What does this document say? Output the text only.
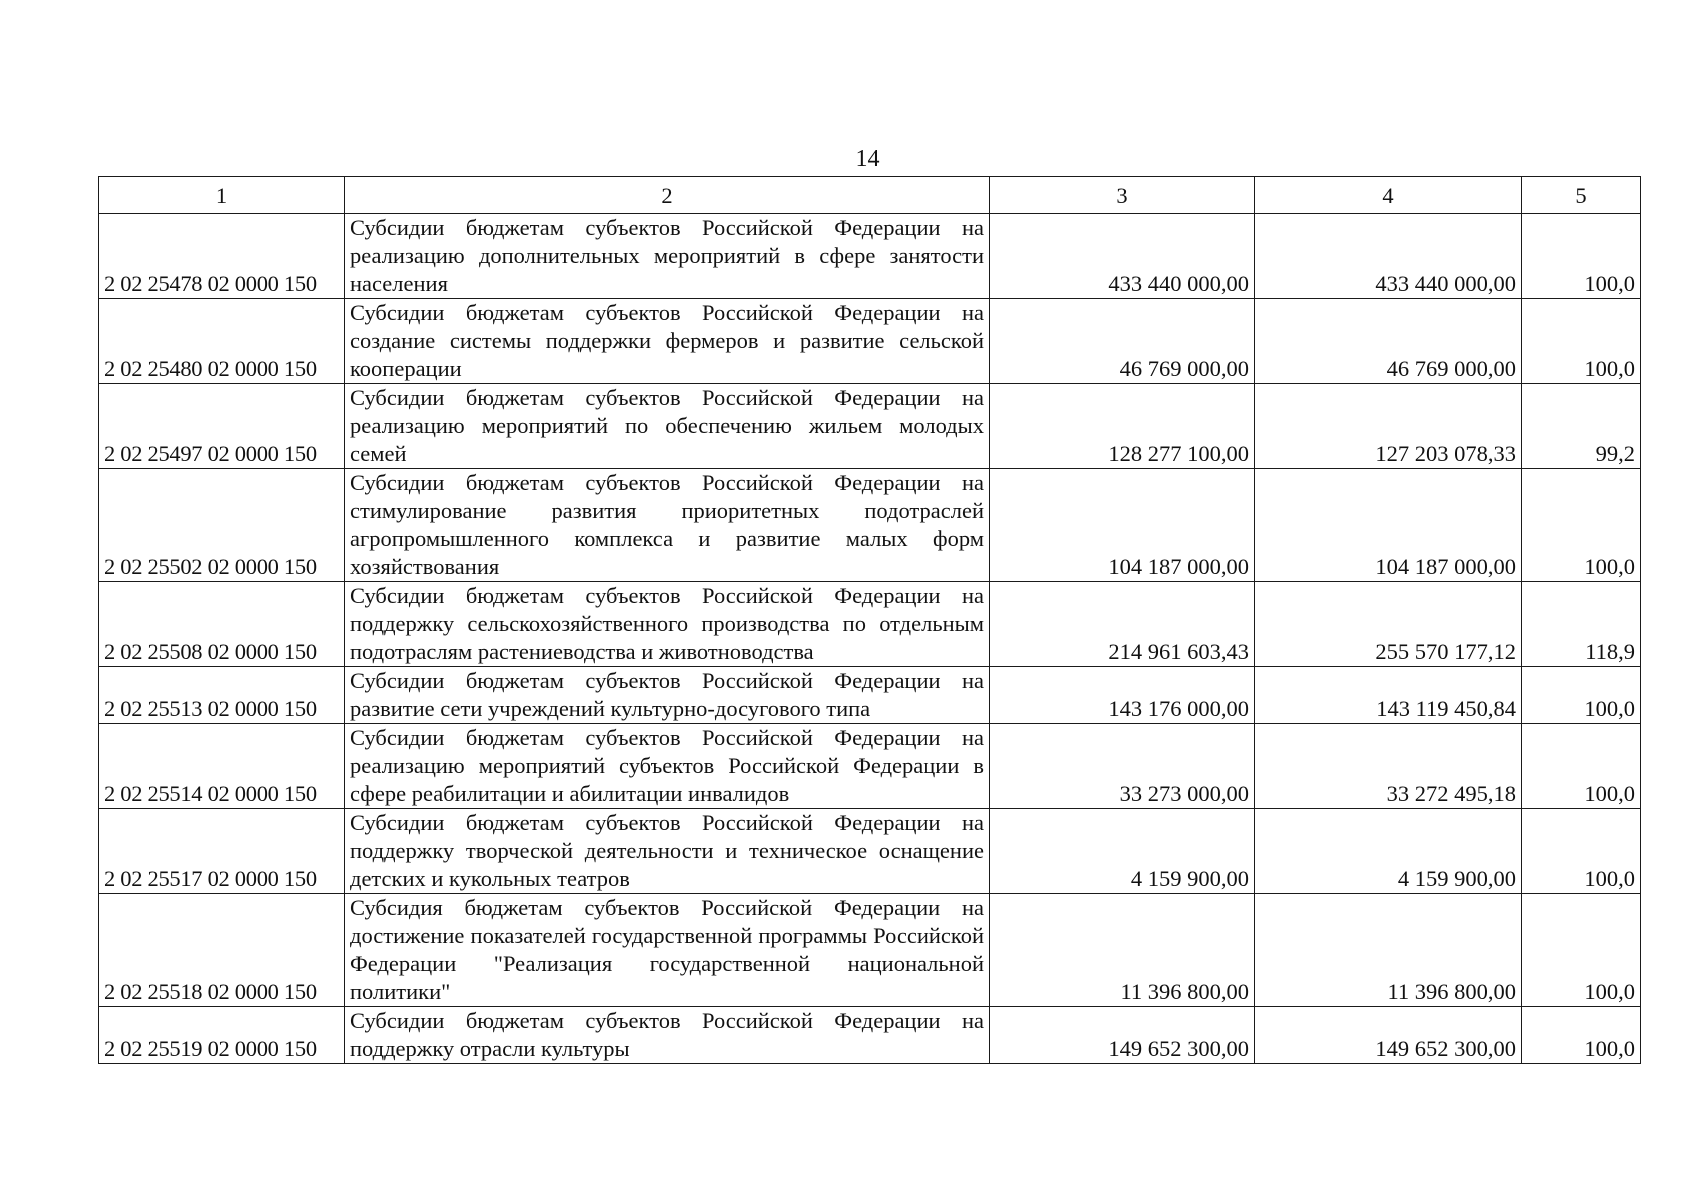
14
1	2	3	4	5
2 02 25478 02 0000 150	Субсидии бюджетам субъектов Российской Федерации на реализацию дополнительных мероприятий в сфере занятости населения	433 440 000,00	433 440 000,00	100,0
2 02 25480 02 0000 150	Субсидии бюджетам субъектов Российской Федерации на создание системы поддержки фермеров и развитие сельской кооперации	46 769 000,00	46 769 000,00	100,0
2 02 25497 02 0000 150	Субсидии бюджетам субъектов Российской Федерации на реализацию мероприятий по обеспечению жильем молодых семей	128 277 100,00	127 203 078,33	99,2
2 02 25502 02 0000 150	Субсидии бюджетам субъектов Российской Федерации на стимулирование развития приоритетных подотраслей агропромышленного комплекса и развитие малых форм хозяйствования	104 187 000,00	104 187 000,00	100,0
2 02 25508 02 0000 150	Субсидии бюджетам субъектов Российской Федерации на поддержку сельскохозяйственного производства по отдельным подотраслям растениеводства и животноводства	214 961 603,43	255 570 177,12	118,9
2 02 25513 02 0000 150	Субсидии бюджетам субъектов Российской Федерации на развитие сети учреждений культурно-досугового типа	143 176 000,00	143 119 450,84	100,0
2 02 25514 02 0000 150	Субсидии бюджетам субъектов Российской Федерации на реализацию мероприятий субъектов Российской Федерации в сфере реабилитации и абилитации инвалидов	33 273 000,00	33 272 495,18	100,0
2 02 25517 02 0000 150	Субсидии бюджетам субъектов Российской Федерации на поддержку творческой деятельности и техническое оснащение детских и кукольных театров	4 159 900,00	4 159 900,00	100,0
2 02 25518 02 0000 150	Субсидия бюджетам субъектов Российской Федерации на достижение показателей государственной программы Российской Федерации "Реализация государственной национальной политики"	11 396 800,00	11 396 800,00	100,0
2 02 25519 02 0000 150	Субсидии бюджетам субъектов Российской Федерации на поддержку отрасли культуры	149 652 300,00	149 652 300,00	100,0
